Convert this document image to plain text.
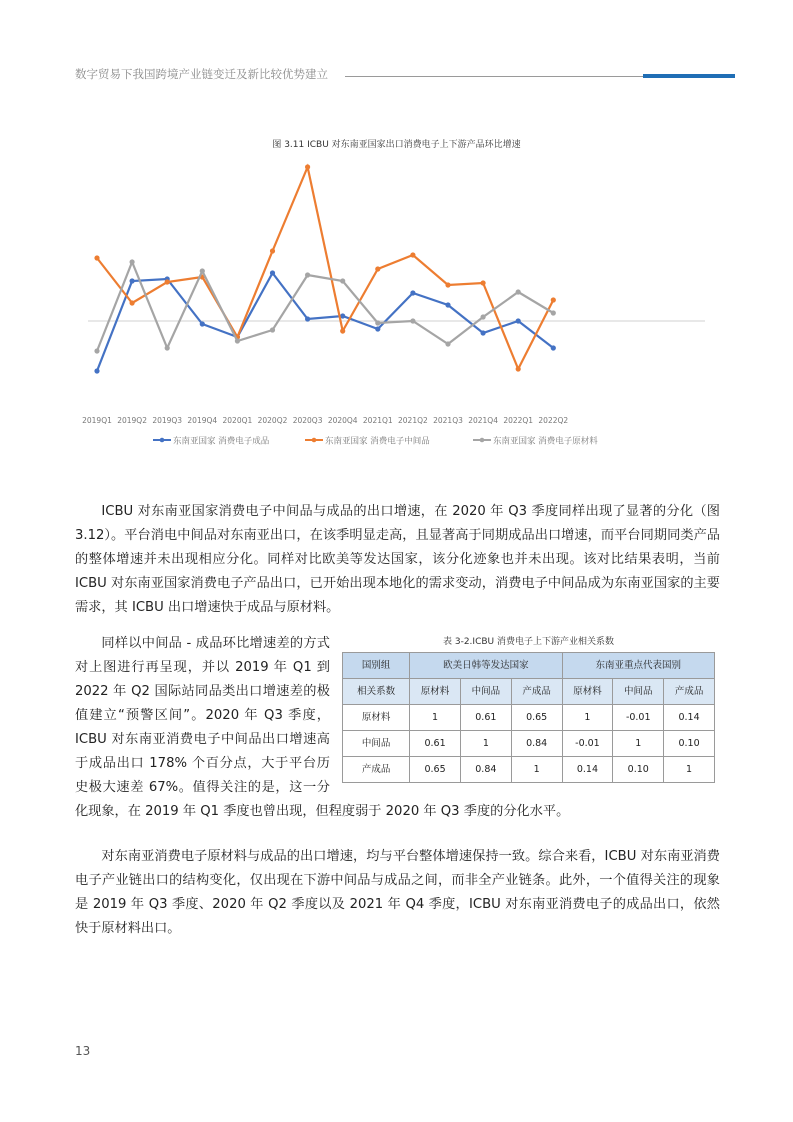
数字贸易下我国跨境产业链变迁及新比较优势建立
图 3.11 ICBU 对东南亚国家出口消费电子上下游产品环比增速
2019Q1 2019Q2 2019Q3 2019Q4 2020Q1 2020Q2 2020Q3 2020Q4 2021Q1 2021Q2 2021Q3 2021Q4 2022Q1 2022Q2
东南亚国家 消费电子成品	东南亚国家 消费电子中间品	东南亚国家 消费电子原材料

ICBU 对东南亚国家消费电子中间品与成品的出口增速，在 2020 年 Q3 季度同样出现了显著的分化（图 3.12）。平台消电中间品对东南亚出口，在该季明显走高，且显著高于同期成品出口增速，而平台同期同类产品的整体增速并未出现相应分化。同样对比欧美等发达国家，该分化迹象也并未出现。该对比结果表明，当前 ICBU 对东南亚国家消费电子产品出口，已开始出现本地化的需求变动，消费电子中间品成为东南亚国家的主要需求，其 ICBU 出口增速快于成品与原材料。

表 3-2.ICBU 消费电子上下游产业相关系数
国别组	欧美日韩等发达国家			东南亚重点代表国别		
相关系数	原材料	中间品	产成品	原材料	中间品	产成品
原材料	1	0.61	0.65	1	-0.01	0.14
中间品	0.61	1	0.84	-0.01	1	0.10
产成品	0.65	0.84	1	0.14	0.10	1

同样以中间品 - 成品环比增速差的方式对上图进行再呈现，并以 2019 年 Q1 到 2022 年 Q2 国际站同品类出口增速差的极值建立“预警区间”。2020 年 Q3 季度，ICBU 对东南亚消费电子中间品出口增速高于成品出口 178% 个百分点，大于平台历史极大速差 67%。值得关注的是，这一分化现象，在 2019 年 Q1 季度也曾出现，但程度弱于 2020 年 Q3 季度的分化水平。

对东南亚消费电子原材料与成品的出口增速，均与平台整体增速保持一致。综合来看，ICBU 对东南亚消费电子产业链出口的结构变化，仅出现在下游中间品与成品之间，而非全产业链条。此外，一个值得关注的现象是 2019 年 Q3 季度、2020 年 Q2 季度以及 2021 年 Q4 季度，ICBU 对东南亚消费电子的成品出口，依然快于原材料出口。

13
